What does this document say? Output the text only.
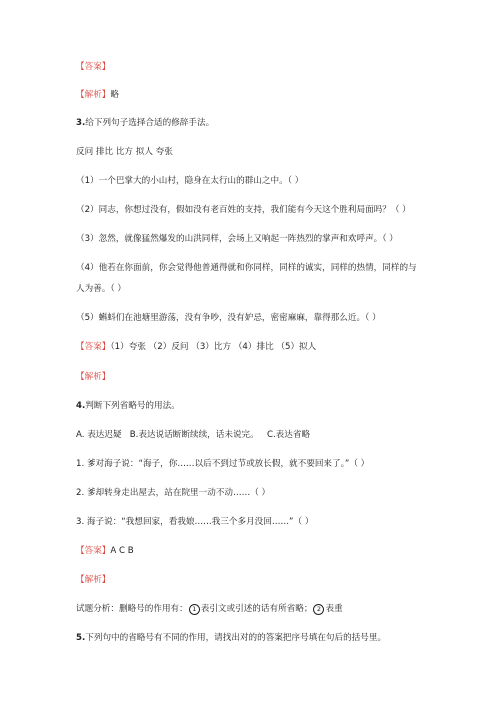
【答案】
【解析】略
3.给下列句子选择合适的修辞手法。
反问 排比 比方 拟人 夸张
（1）一个巴掌大的小山村，隐身在太行山的群山之中。（ ）
（2）同志，你想过没有，假如没有老百姓的支持，我们能有今天这个胜利局面吗？（ ）
（3）忽然，就像猛然爆发的山洪同样，会场上又响起一阵热烈的掌声和欢呼声。（ ）
（4）他若在你面前，你会觉得他普通得就和你同样，同样的诚实，同样的热情，同样的与
人为善。（ ）
（5）蝌蚪们在池塘里游荡，没有争吵，没有妒忌，密密麻麻，靠得那么近。（ ）
【答案】（1）夸张 （2）反问 （3）比方 （4）排比 （5）拟人
【解析】
4.判断下列省略号的用法。
A. 表达迟疑 B.表达说话断断续续，话未说完。 C.表达省略
1. 爹对海子说：“海子，你……以后不到过节或放长假，就不要回来了。”（ ）
2. 爹却转身走出屋去，站在院里一动不动……（ ）
3. 海子说：“我想回家，看我娘……我三个多月没回……”（ ）
【答案】A C B
【解析】
试题分析：删略号的作用有： 1 表引文或引述的话有所省略； 2 表重
5.下列句中的省略号有不同的作用，请找出对的的答案把序号填在句后的括号里。
